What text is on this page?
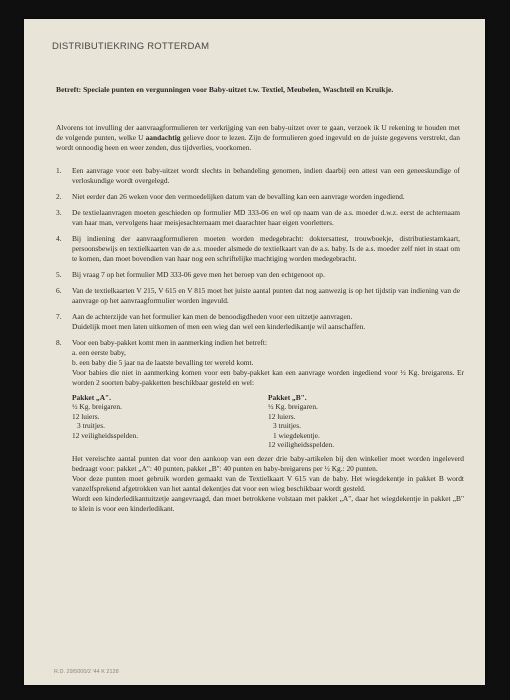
DISTRIBUTIEKRING ROTTERDAM
Betreft: Speciale punten en vergunningen voor Baby-uitzet t.w. Textiel, Meubelen, Waschteil en Kruikje.
Alvorens tot invulling der aanvraagformulieren ter verkrijging van een baby-uitzet over te gaan, verzoek ik U rekening te houden met de volgende punten, welke U aandachtig gelieve door te lezen. Zijn de formulieren goed ingevuld en de juiste gegevens verstrekt, dan wordt onnoodig heen en weer zenden, dus tijdverlies, voorkomen.
1.	Een aanvrage voor een baby-uitzet wordt slechts in behandeling genomen, indien daarbij een attest van een geneeskundige of verloskundige wordt overgelegd.
2.	Niet eerder dan 26 weken voor den vermoedelijken datum van de bevalling kan een aanvrage worden ingediend.
3.	De textielaanvragen moeten geschieden op formulier MD 333-06 en wel op naam van de a.s. moeder d.w.z. eerst de achternaam van haar man, vervolgens haar meisjesachternaam met daarachter haar eigen voorletters.
4.	Bij indiening der aanvraagformulieren moeten worden medegebracht: doktersattest, trouwboekje, distributiestamkaart, persoonsbewijs en textielkaarten van de a.s. moeder alsmede de textielkaart van de a.s. baby. Is de a.s. moeder zelf niet in staat om te komen, dan moet bovendien van haar nog een schriftelijke machtiging worden medegebracht.
5.	Bij vraag 7 op het formulier MD 333-06 geve men het beroep van den echtgenoot op.
6.	Van de textielkaarten V 215, V 615 en V 815 moet het juiste aantal punten dat nog aanwezig is op het tijdstip van indiening van de aanvrage op het aanvraagformulier worden ingevuld.
7.	Aan de achterzijde van het formulier kan men de benoodigdheden voor een uitzetje aanvragen.
Duidelijk moet men laten uitkomen of men een wieg dan wel een kinderledikantje wil aanschaffen.
8.	Voor een baby-pakket komt men in aanmerking indien het betreft:
a. een eerste baby,
b. een baby die 5 jaar na de laatste bevalling ter wereld komt.
Voor babies die niet in aanmerking komen voor een baby-pakket kan een aanvrage worden ingediend voor ½ Kg. breigarens. Er worden 2 soorten baby-pakketten beschikbaar gesteld en wel:
Pakket „A".
½ Kg. breigaren.
12 luiers.
3 truitjes.
12 veiligheidsspelden.
Pakket „B".
½ Kg. breigaren.
12 luiers.
3 truitjes.
1 wiegdekentje.
12 veiligheidsspelden.
Het vereischte aantal punten dat voor den aankoop van een dezer drie baby-artikelen bij den winkelier moet worden ingeleverd bedraagt voor: pakket „A": 40 punten, pakket „B": 40 punten en baby-breigarens per ½ Kg.: 20 punten.
Voor deze punten moet gebruik worden gemaakt van de Textielkaart V 615 van de baby. Het wiegdekentje in pakket B wordt vanzelfsprekend afgetrokken van het aantal dekentjes dat voor een wieg beschikbaar wordt gesteld.
Wordt een kinderledikantuitzetje aangevraagd, dan moet betrokkene volstaan met pakket „A", daar het wiegdekentje in pakket „B" te klein is voor een kinderledikant.
R.D. 29/5000/2 '44 K 2128
